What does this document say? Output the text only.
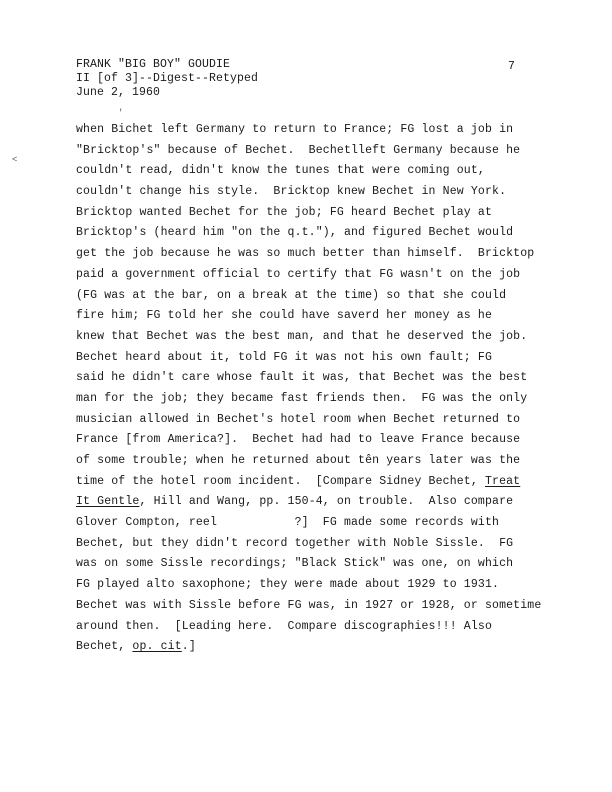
FRANK "BIG BOY" GOUDIE
II [of 3]--Digest--Retyped
June 2, 1960
7
'
<
when Bichet left Germany to return to France; FG lost a job in
"Bricktop's" because of Bechet.  Bechetlleft Germany because he
couldn't read, didn't know the tunes that were coming out,
couldn't change his style.  Bricktop knew Bechet in New York.
Bricktop wanted Bechet for the job; FG heard Bechet play at
Bricktop's (heard him "on the q.t."), and figured Bechet would
get the job because he was so much better than himself.  Bricktop
paid a government official to certify that FG wasn't on the job
(FG was at the bar, on a break at the time) so that she could
fire him; FG told her she could have saverd her money as he
knew that Bechet was the best man, and that he deserved the job.
Bechet heard about it, told FG it was not his own fault; FG
said he didn't care whose fault it was, that Bechet was the best
man for the job; they became fast friends then.  FG was the only
musician allowed in Bechet's hotel room when Bechet returned to
France [from America?].  Bechet had had to leave France because
of some trouble; when he returned about tên years later was the
time of the hotel room incident.  [Compare Sidney Bechet, Treat
It Gentle, Hill and Wang, pp. 150-4, on trouble.  Also compare
Glover Compton, reel           ?]  FG made some records with
Bechet, but they didn't record together with Noble Sissle.  FG
was on some Sissle recordings; "Black Stick" was one, on which
FG played alto saxophone; they were made about 1929 to 1931.
Bechet was with Sissle before FG was, in 1927 or 1928, or sometime
around then.  [Leading here.  Compare discographies!!! Also
Bechet, op. cit.]
